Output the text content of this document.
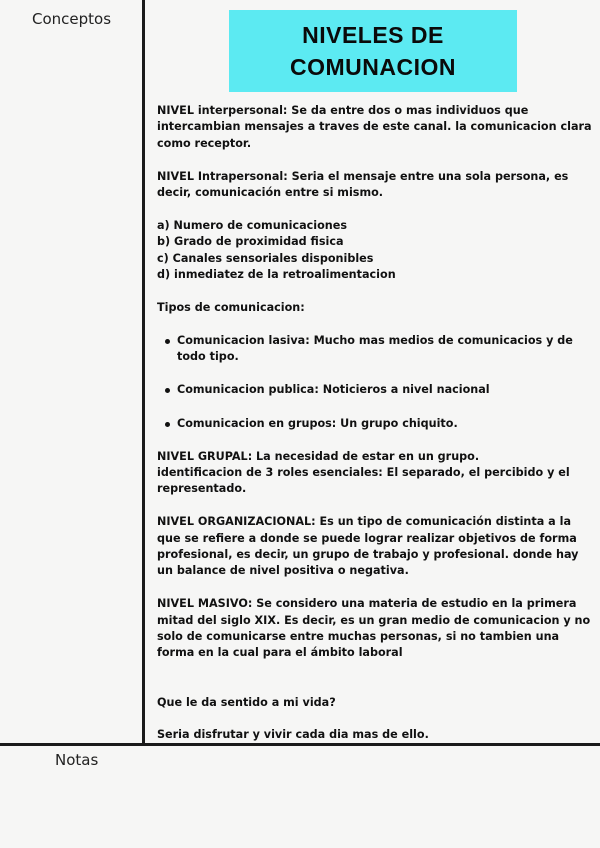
Conceptos
Notas
NIVELES DE
COMUNACION

NIVEL interpersonal: Se da entre dos o mas individuos que intercambian mensajes a traves de este canal. la comunicacion clara como receptor.

NIVEL Intrapersonal: Seria el mensaje entre una sola persona, es decir, comunicación entre si mismo.

a) Numero de comunicaciones

b) Grado de proximidad fisica

c) Canales sensoriales disponibles

d) inmediatez de la retroalimentacion

Tipos de comunicacion:

Comunicacion lasiva: Mucho mas medios de comunicacios y de todo tipo.
Comunicacion publica: Noticieros a nivel nacional
Comunicacion en grupos: Un grupo chiquito.

NIVEL GRUPAL: La necesidad de estar en un grupo.

identificacion de 3 roles esenciales: El separado, el percibido y el representado.

NIVEL ORGANIZACIONAL: Es un tipo de comunicación distinta a la que se refiere a donde se puede lograr realizar objetivos de forma profesional, es decir, un grupo de trabajo y profesional. donde hay un balance de nivel positiva o negativa.

NIVEL MASIVO: Se considero una materia de estudio en la primera mitad del siglo XIX. Es decir, es un gran medio de comunicacion y no solo de comunicarse entre muchas personas, si no tambien una forma en la cual para el ámbito laboral

Que le da sentido a mi vida?

Seria disfrutar y vivir cada dia mas de ello.
